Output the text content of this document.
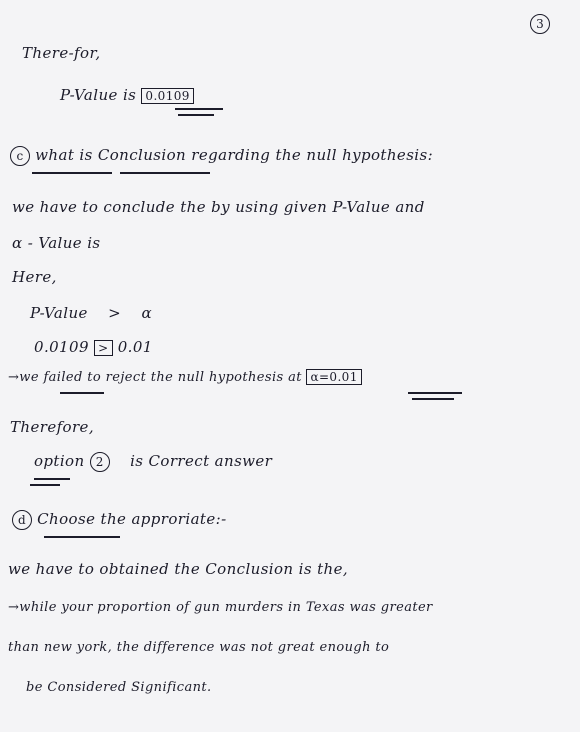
3
There-for,
P-Value is 0.0109
c what is Conclusion regarding the null hypothesis:
we have to conclude the by using given P-Value and
α - Value is
Here,
P-Value > α
0.0109 > 0.01
→we failed to reject the null hypothesis at α=0.01
Therefore,
option 2 is Correct answer
d Choose the approriate:-
we have to obtained the Conclusion is the,
→while your proportion of gun murders in Texas was greater
than new york, the difference was not great enough to
be Considered Significant.
